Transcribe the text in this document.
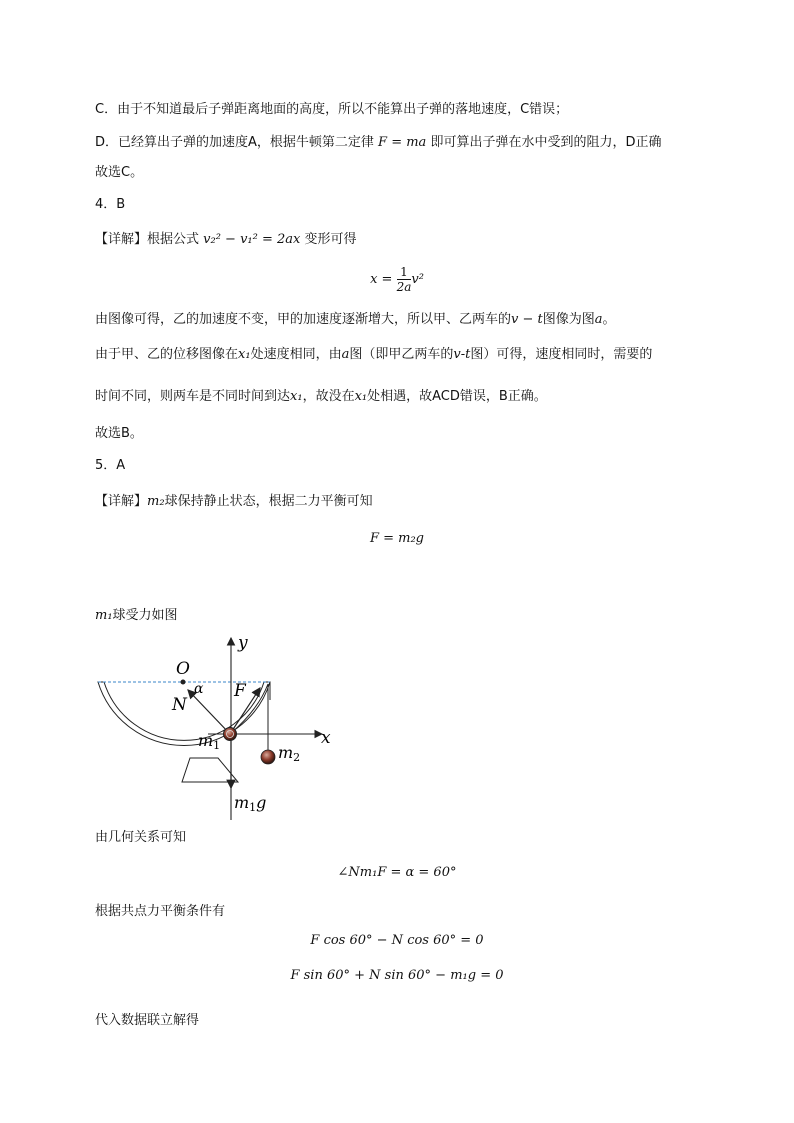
C．由于不知道最后子弹距离地面的高度，所以不能算出子弹的落地速度，C错误；
D．已经算出子弹的加速度A，根据牛顿第二定律 F = ma 即可算出子弹在水中受到的阻力，D正确
故选C。
4．B
【详解】根据公式 v₂² − v₁² = 2ax 变形可得
$x = \frac{1}{2a} v^2$
由图像可得，乙的加速度不变，甲的加速度逐渐增大，所以甲、乙两车的v − t图像为图a。
由于甲、乙的位移图像在x₁处速度相同，由a图（即甲乙两车的v-t图）可得，速度相同时，需要的
时间不同，则两车是不同时间到达x₁，故没在x₁处相遇，故ACD错误，B正确。
故选B。
5．A
【详解】m₂球保持静止状态，根据二力平衡可知
F = m₂g
m₁球受力如图
y
x
O
N
α F
m1	m2
m1g
由几何关系可知
∠Nm₁F = α = 60°
根据共点力平衡条件有
F cos 60° − N cos 60° = 0
F sin 60° + N sin 60° − m₁g = 0
代入数据联立解得
